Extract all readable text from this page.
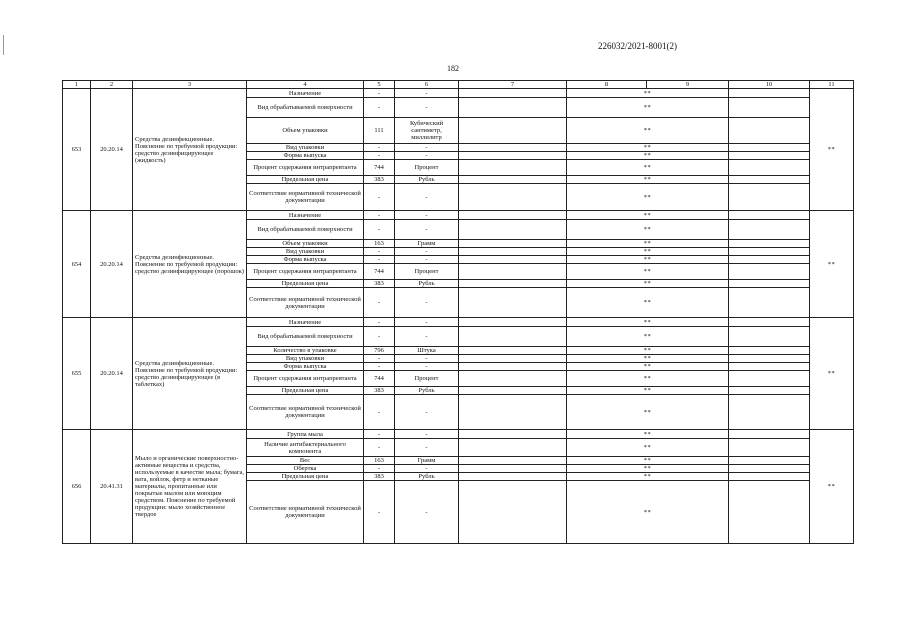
226032/2021-8001(2)
182
1	2	3	4	5	6	7	8	9	10	11
653	20.20.14	Средства дезинфекционные. Пояснение по требуемой продукции: средство дезинфицирующее (жидкость)	Назначение	-	-		**			**
			Вид обрабатываемой поверхности	-	-		**			
			Объем упаковки	111	Кубический сантиметр, миллилитр		**			
			Вид упаковки	-	-		**			
			Форма выпуска	-	-		**			
			Процент содержания интрапревтанта	744	Процент		**			
			Предельная цена	383	Рубль		**			
			Соответствие нормативной технической документации	-	-		**			
654	20.20.14	Средства дезинфекционные. Пояснение по требуемой продукции: средство дезинфицирующее (порошок)	Назначение	-	-		**			**
			Вид обрабатываемой поверхности	-	-		**			
			Объем упаковки	163	Грамм		**			
			Вид упаковки	-	-		**			
			Форма выпуска	-	-		**			
			Процент содержания интрапревтанта	744	Процент		**			
			Предельная цена	383	Рубль		**			
			Соответствие нормативной технической документации	-	-		**			
655	20.20.14	Средства дезинфекционные. Пояснение по требуемой продукции: средство дезинфицирующее (в таблетках)	Назначение	-	-		**			**
			Вид обрабатываемой поверхности	-	-		**			
			Количество в упаковке	796	Штука		**			
			Вид упаковки	-	-		**			
			Форма выпуска	-	-		**			
			Процент содержания интрапревтанта	744	Процент		**			
			Предельная цена	383	Рубль		**			
			Соответствие нормативной технической документации	-	-		**			
656	20.41.31	Мыло и органические поверхностно-активные вещества и средства, используемые в качестве мыла; бумага, вата, войлок, фетр и нетканые материалы, пропитанные или покрытые мылом или моющим средством. Пояснение по требуемой продукции: мыло хозяйственное твердое	Группа мыла	-	-		**			**
			Наличие антибактериального компонента	-	-		**			
			Вес	163	Грамм		**			
			Обертка	-	-		**			
			Предельная цена	383	Рубль		**			
			Соответствие нормативной технической документации	-	-		**			
